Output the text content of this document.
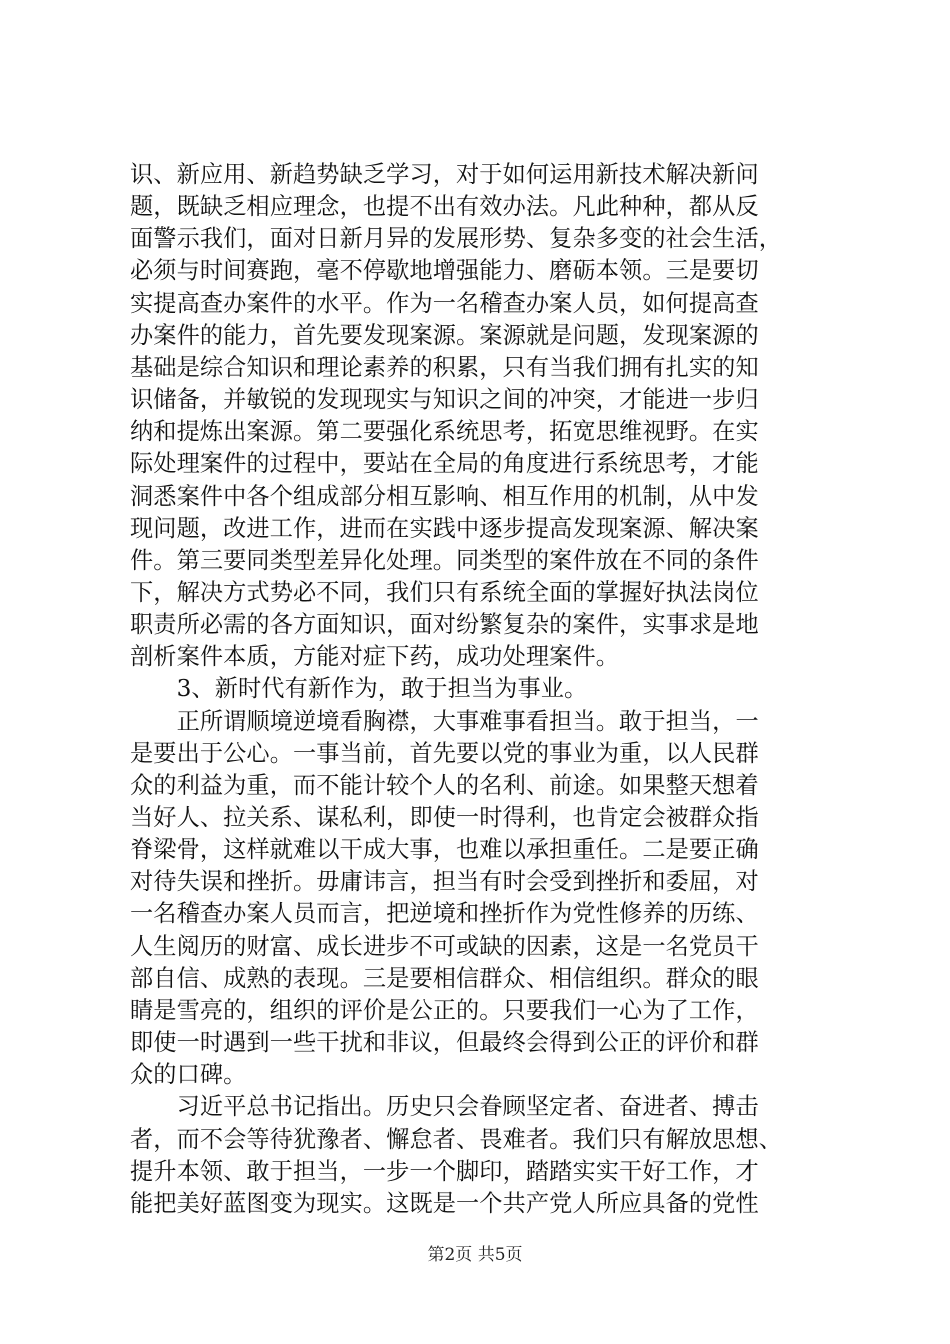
识、新应用、新趋势缺乏学习，对于如何运用新技术解决新问
题，既缺乏相应理念，也提不出有效办法。凡此种种，都从反
面警示我们，面对日新月异的发展形势、复杂多变的社会生活，
必须与时间赛跑，毫不停歇地增强能力、磨砺本领。三是要切
实提高查办案件的水平。作为一名稽查办案人员，如何提高查
办案件的能力，首先要发现案源。案源就是问题，发现案源的
基础是综合知识和理论素养的积累，只有当我们拥有扎实的知
识储备，并敏锐的发现现实与知识之间的冲突，才能进一步归
纳和提炼出案源。第二要强化系统思考，拓宽思维视野。在实
际处理案件的过程中，要站在全局的角度进行系统思考，才能
洞悉案件中各个组成部分相互影响、相互作用的机制，从中发
现问题，改进工作，进而在实践中逐步提高发现案源、解决案
件。第三要同类型差异化处理。同类型的案件放在不同的条件
下，解决方式势必不同，我们只有系统全面的掌握好执法岗位
职责所必需的各方面知识，面对纷繁复杂的案件，实事求是地
剖析案件本质，方能对症下药，成功处理案件。
　　3、新时代有新作为，敢于担当为事业。
　　正所谓顺境逆境看胸襟，大事难事看担当。敢于担当，一
是要出于公心。一事当前，首先要以党的事业为重，以人民群
众的利益为重，而不能计较个人的名利、前途。如果整天想着
当好人、拉关系、谋私利，即使一时得利，也肯定会被群众指
脊梁骨，这样就难以干成大事，也难以承担重任。二是要正确
对待失误和挫折。毋庸讳言，担当有时会受到挫折和委屈，对
一名稽查办案人员而言，把逆境和挫折作为党性修养的历练、
人生阅历的财富、成长进步不可或缺的因素，这是一名党员干
部自信、成熟的表现。三是要相信群众、相信组织。群众的眼
睛是雪亮的，组织的评价是公正的。只要我们一心为了工作，
即使一时遇到一些干扰和非议，但最终会得到公正的评价和群
众的口碑。
　　习近平总书记指出。历史只会眷顾坚定者、奋进者、搏击
者，而不会等待犹豫者、懈怠者、畏难者。我们只有解放思想、
提升本领、敢于担当，一步一个脚印，踏踏实实干好工作，才
能把美好蓝图变为现实。这既是一个共产党人所应具备的党性
第2页 共5页
